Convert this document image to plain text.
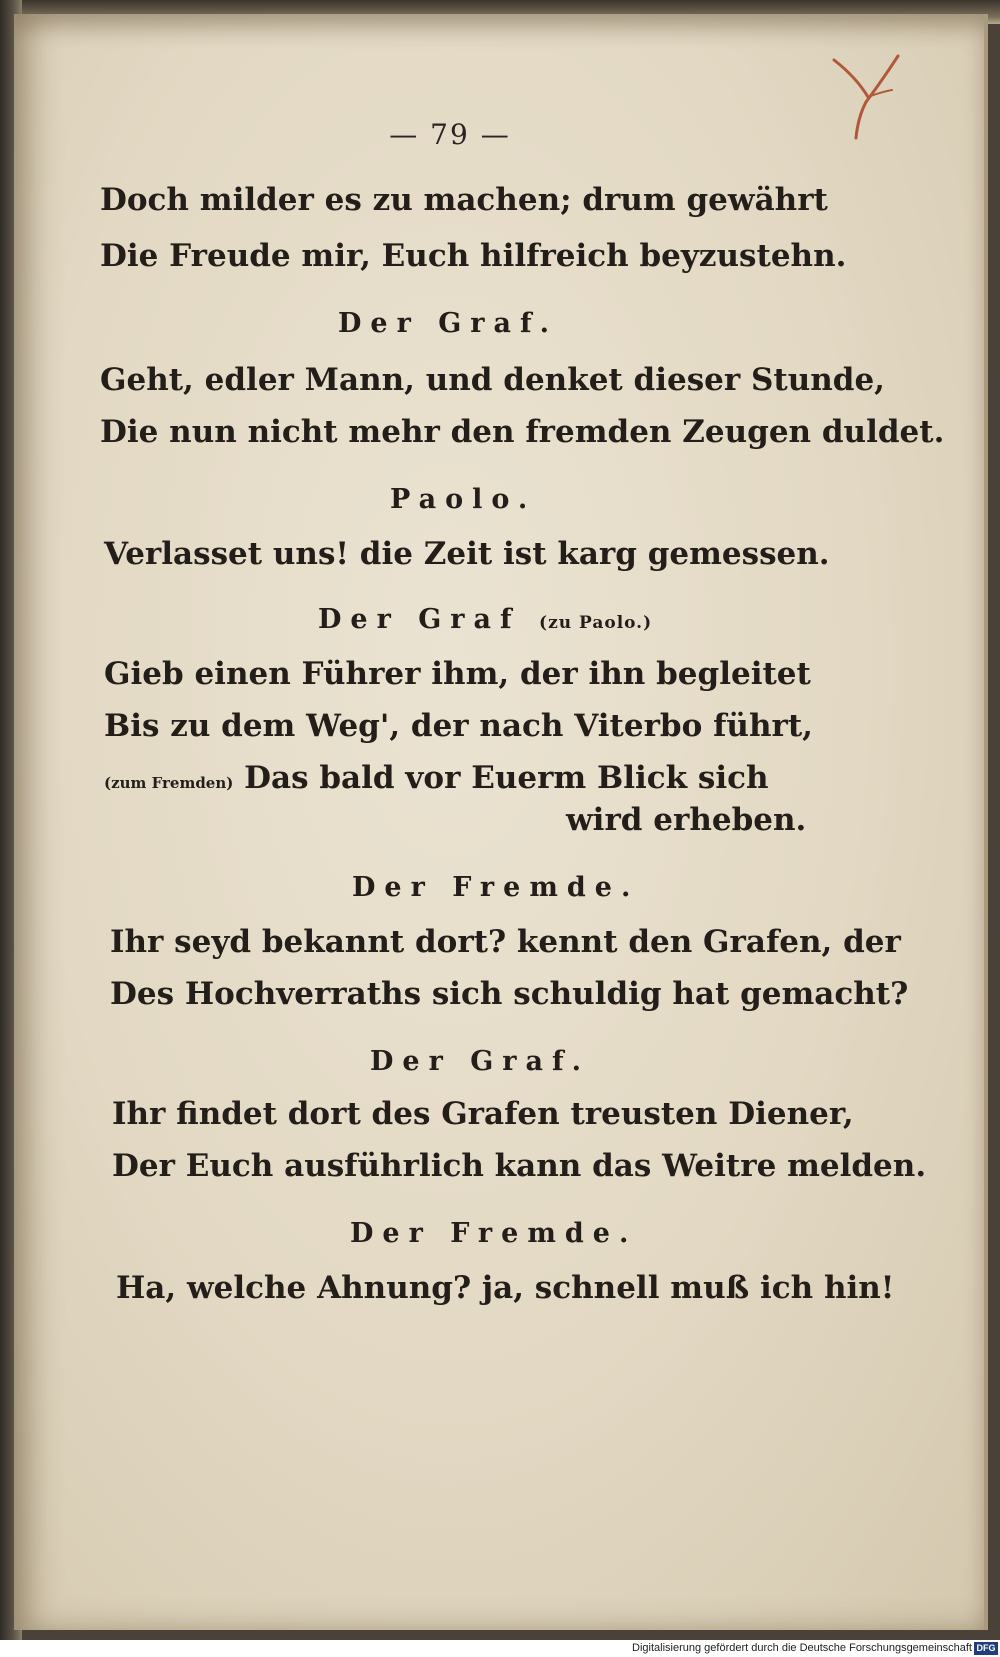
— 79 —
Doch milder es zu machen; drum gewährt
Die Freude mir, Euch hilfreich beyzustehn.
Der Graf.
Geht, edler Mann, und denket dieser Stunde,
Die nun nicht mehr den fremden Zeugen duldet.
Paolo.
Verlasset uns! die Zeit ist karg gemessen.
Der Graf (zu Paolo.)
Gieb einen Führer ihm, der ihn begleitet
Bis zu dem Weg', der nach Viterbo führt,
(zum Fremden) Das bald vor Euerm Blick sich
wird erheben.
Der Fremde.
Ihr seyd bekannt dort? kennt den Grafen, der
Des Hochverraths sich schuldig hat gemacht?
Der Graf.
Ihr findet dort des Grafen treusten Diener,
Der Euch ausführlich kann das Weitre melden.
Der Fremde.
Ha, welche Ahnung? ja, schnell muß ich hin!
Digitalisierung gefördert durch die Deutsche Forschungsgemeinschaft DFG
